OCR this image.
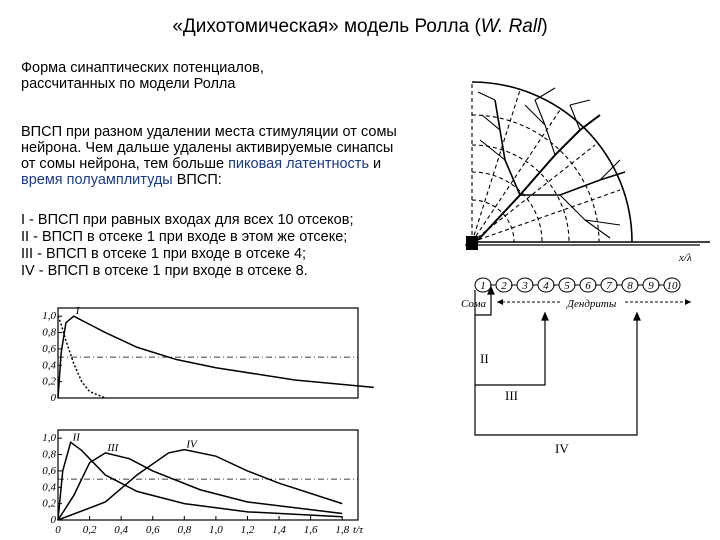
«Дихотомическая» модель Ролла (W. Rall)
Форма синаптических потенциалов,
рассчитанных по модели Ролла
ВПСП при разном удалении места стимуляции от сомы
нейрона. Чем дальше удалены активируемые синапсы
от сомы нейрона, тем больше пиковая латентность и
время полуамплитуды ВПСП:
I - ВПСП при равных входах для всех 10 отсеков;
II - ВПСП в отсеке 1 при входе в этом же отсеке;
III - ВПСП в отсеке 1 при входе в отсеке 4;
IV - ВПСП в отсеке 1 при входе в отсеке 8.
x/λ
1 2 3 4 5 6 7 8 9 10
Сома	Дендриты
II
III
IV
1,0
0,8
0,6
0,4
0,2
0
I
1,0
0,8
0,6
0,4
0,2
0
II
III	IV
0 0,2 0,4 0,6 0,8 1,0 1,2 1,4 1,6 1,8 t/τ
